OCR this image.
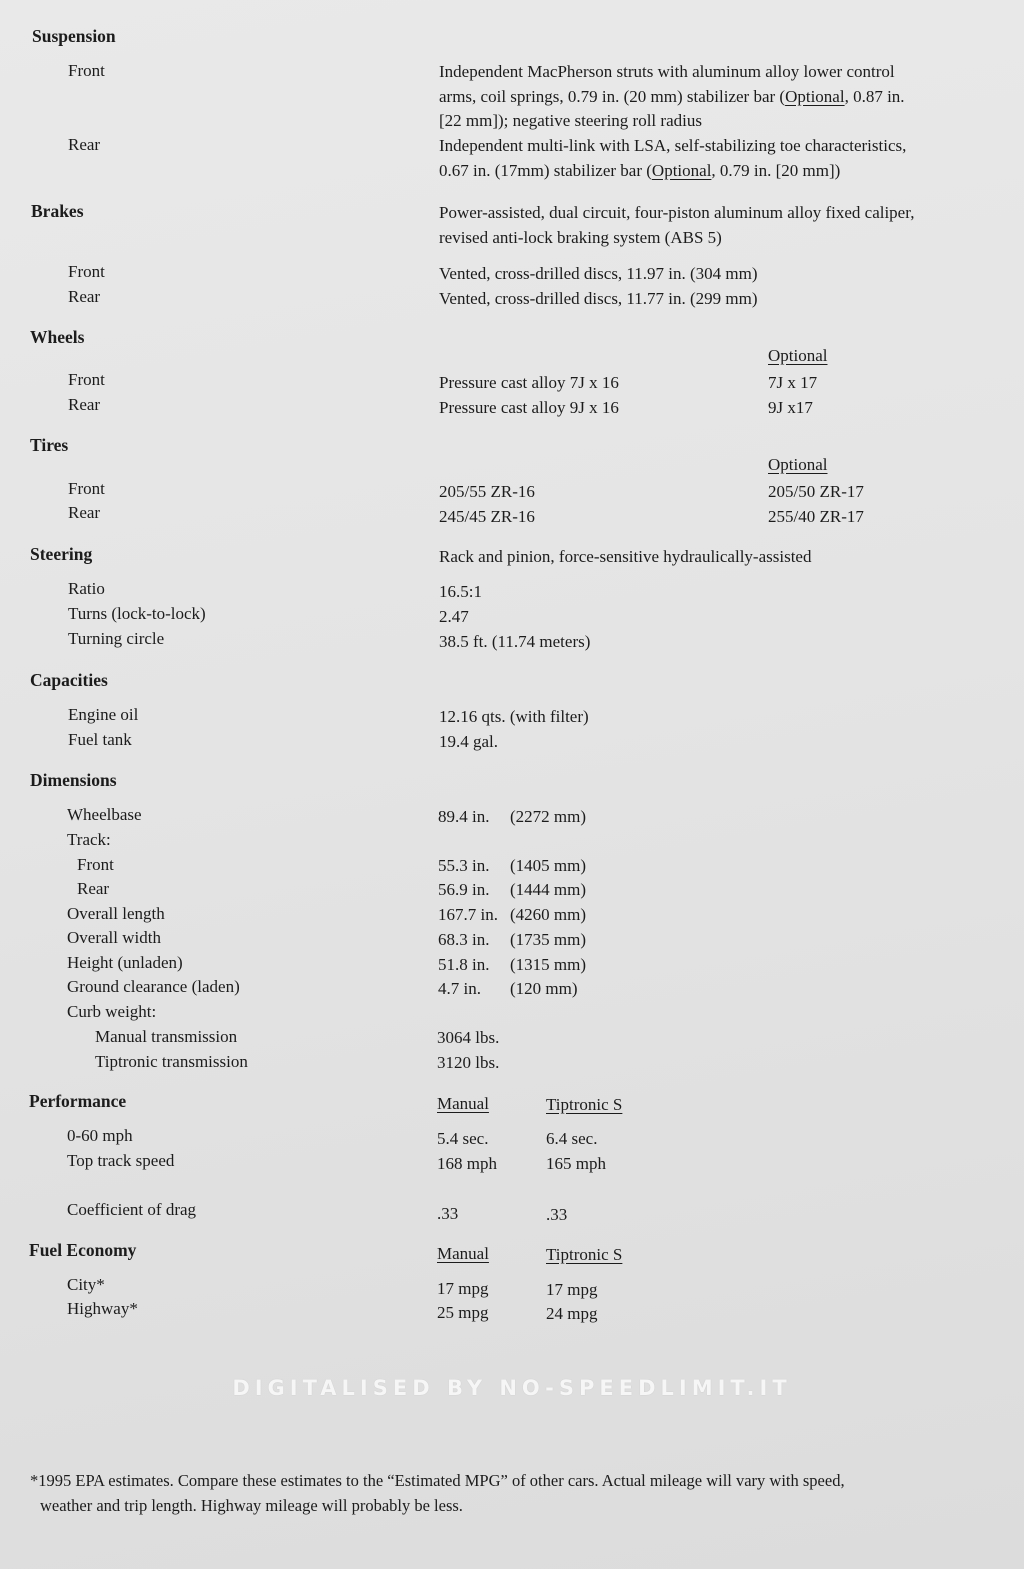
Suspension
Front	Independent MacPherson struts with aluminum alloy lower control
arms, coil springs, 0.79 in. (20 mm) stabilizer bar (Optional, 0.87 in.
[22 mm]); negative steering roll radius
Rear	Independent multi-link with LSA, self-stabilizing toe characteristics,
0.67 in. (17mm) stabilizer bar (Optional, 0.79 in. [20 mm])
Brakes	Power-assisted, dual circuit, four-piston aluminum alloy fixed caliper,
revised anti-lock braking system (ABS 5)
Front	Vented, cross-drilled discs, 11.97 in. (304 mm)
Rear	Vented, cross-drilled discs, 11.77 in. (299 mm)
Wheels
Optional
Front	Pressure cast alloy 7J x 16	7J x 17
Rear	Pressure cast alloy 9J x 16	9J x17
Tires
Optional
Front	205/55 ZR-16	205/50 ZR-17
Rear	245/45 ZR-16	255/40 ZR-17
Steering	Rack and pinion, force-sensitive hydraulically-assisted
Ratio	16.5:1
Turns (lock-to-lock)	2.47
Turning circle	38.5 ft. (11.74 meters)
Capacities
Engine oil	12.16 qts. (with filter)
Fuel tank	19.4 gal.
Dimensions
Wheelbase	89.4 in. (2272 mm)
Track:
Front	55.3 in. (1405 mm)
Rear	56.9 in. (1444 mm)
Overall length	167.7 in. (4260 mm)
Overall width	68.3 in. (1735 mm)
Height (unladen)	51.8 in. (1315 mm)
Ground clearance (laden)	4.7 in. (120 mm)
Curb weight:
Manual transmission	3064 lbs.
Tiptronic transmission	3120 lbs.
Performance	Manual	Tiptronic S
0-60 mph	5.4 sec.	6.4 sec.
Top track speed	168 mph	165 mph
Coefficient of drag	.33	.33
Fuel Economy	Manual	Tiptronic S
City*	17 mpg	17 mpg
Highway*	25 mpg	24 mpg
DIGITALISED BY NO-SPEEDLIMIT.IT
*1995 EPA estimates. Compare these estimates to the “Estimated MPG” of other cars. Actual mileage will vary with speed,
weather and trip length. Highway mileage will probably be less.
